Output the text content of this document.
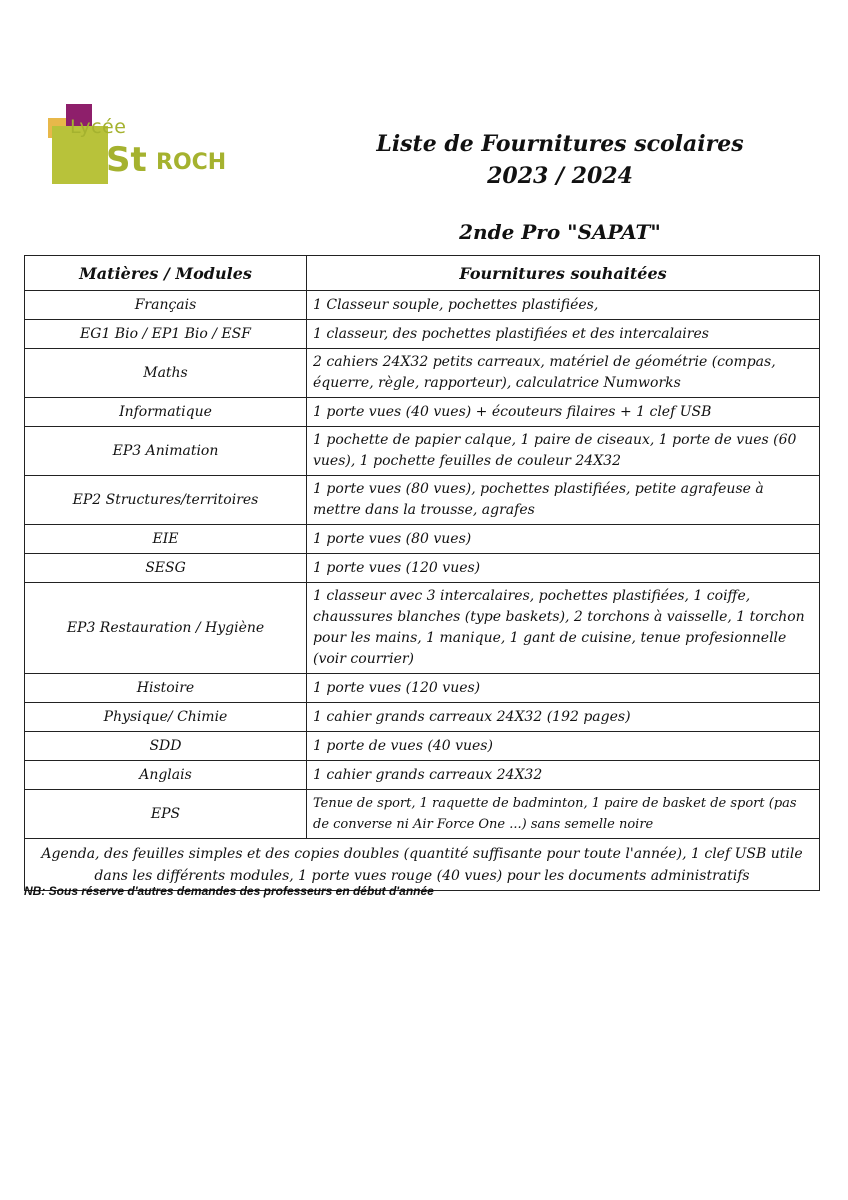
Lycée
St ROCH
Liste de Fournitures scolaires
2023 / 2024
2nde Pro "SAPAT"
Matières / Modules	Fournitures souhaitées
Français	1 Classeur souple, pochettes plastifiées,
EG1 Bio / EP1 Bio / ESF	1 classeur, des pochettes plastifiées et des intercalaires
Maths	2 cahiers 24X32 petits carreaux, matériel de géométrie (compas, équerre, règle, rapporteur), calculatrice Numworks
Informatique	1 porte vues (40 vues) + écouteurs filaires + 1 clef USB
EP3 Animation	1 pochette de papier calque, 1 paire de ciseaux, 1 porte de vues (60 vues), 1 pochette feuilles de couleur 24X32
EP2 Structures/territoires	1 porte vues (80 vues), pochettes plastifiées, petite agrafeuse à mettre dans la trousse, agrafes
EIE	1 porte vues (80 vues)
SESG	1 porte vues (120 vues)
EP3 Restauration / Hygiène	1 classeur avec 3 intercalaires, pochettes plastifiées, 1 coiffe, chaussures blanches (type baskets), 2 torchons à vaisselle, 1 torchon pour les mains, 1 manique, 1 gant de cuisine, tenue profesionnelle (voir courrier)
Histoire	1 porte vues (120 vues)
Physique/ Chimie	1 cahier grands carreaux 24X32 (192 pages)
SDD	1 porte de vues (40 vues)
Anglais	1 cahier grands carreaux 24X32
EPS	Tenue de sport, 1 raquette de badminton, 1 paire de basket de sport (pas de converse ni Air Force One ...) sans semelle noire
Agenda, des feuilles simples et des copies doubles (quantité suffisante pour toute l'année), 1 clef USB utile dans les différents modules, 1 porte vues rouge (40 vues) pour les documents administratifs	
NB: Sous réserve d'autres demandes des professeurs en début d'année
